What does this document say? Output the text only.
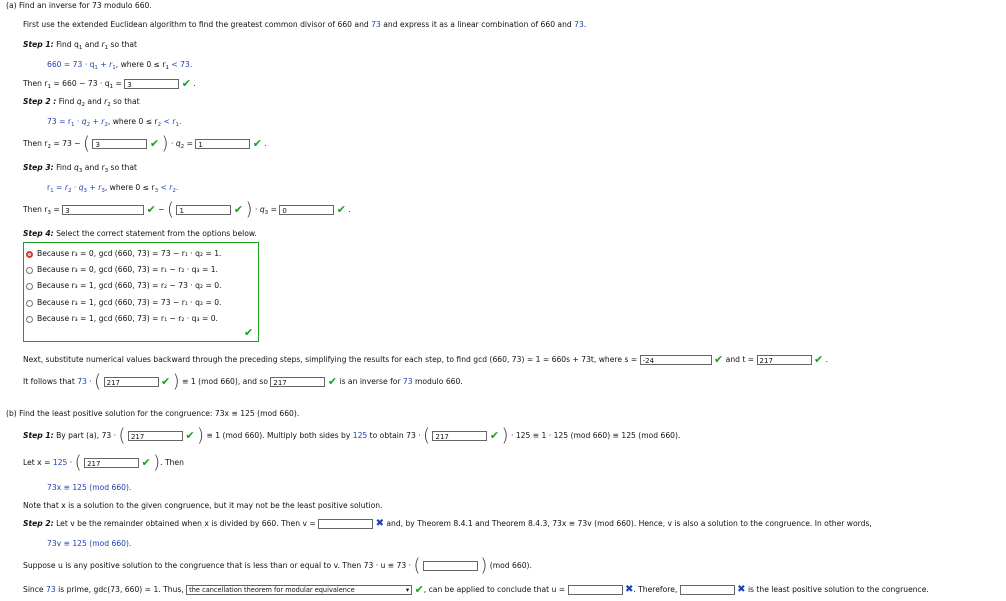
(a) Find an inverse for 73 modulo 660.
First use the extended Euclidean algorithm to find the greatest common divisor of 660 and 73 and express it as a linear combination of 660 and 73.
Step 1: Find $q_1$ and $r_1$ so that
$660 = 73 \cdot q_1 + r_1$, where $0 \le r_1 < 73$.
Then $r_1 = 660 - 73 \cdot q_1 = 3$	✔ .
Step 2 : Find $q_2$ and $r_2$ so that
$73 = r_1 \cdot q_2 + r_2$, where $0 \le r_2 < r_1$.
Then $r_2 = 73$ − ( 3	✔ ) · $q_2 = 1$	✔ .
Step 3: Find $q_3$ and $r_3$ so that
$r_1 = r_2 \cdot q_3 + r_3$, where $0 \le r_3 < r_2$.
Then $r_3 = 3$	✔ − ( 1	✔ ) · $q_3 = 0$	✔ .
Step 4: Select the correct statement from the options below.
Because r₃ = 0, gcd (660, 73) = 73 − r₁ · q₂ = 1.
Because r₃ = 0, gcd (660, 73) = r₁ − r₂ · q₃ = 1.
Because r₃ = 1, gcd (660, 73) = r₂ − 73 · q₂ = 0.
Because r₃ = 1, gcd (660, 73) = 73 − r₁ · q₂ = 0.
Because r₃ = 1, gcd (660, 73) = r₁ − r₂ · q₃ = 0.
✔
Next, substitute numerical values backward through the preceding steps, simplifying the results for each step, to find gcd (660, 73) = 1 = 660s + 73t, where s = -24	✔ and t = 217	✔ .
It follows that 73 · ( 217	✔ ) ≡ 1 (mod 660), and so 217	✔ is an inverse for 73 modulo 660.
(b) Find the least positive solution for the congruence: 73x ≡ 125 (mod 660).
Step 1: By part (a), 73 · ( 217	✔ ) ≡ 1 (mod 660). Multiply both sides by 125 to obtain 73 · ( 217	✔ ) · 125 ≡ 1 · 125 (mod 660) ≡ 125 (mod 660).
Let x = 125 · ( 217	✔ ). Then
73x ≡ 125 (mod 660).
Note that x is a solution to the given congruence, but it may not be the least positive solution.
Step 2: Let v be the remainder obtained when x is divided by 660. Then v =	✖ and, by Theorem 8.4.1 and Theorem 8.4.3, 73x ≡ 73v (mod 660). Hence, v is also a solution to the congruence. In other words,
73v ≡ 125 (mod 660).
Suppose u is any positive solution to the congruence that is less than or equal to v. Then 73 · u ≡ 73 · (	) (mod 660).
Since 73 is prime, gdc(73, 660) = 1. Thus, the cancellation theorem for modular equivalence	▾ ✔, can be applied to conclude that u =	✖. Therefore,	✖ is the least positive solution to the congruence.
